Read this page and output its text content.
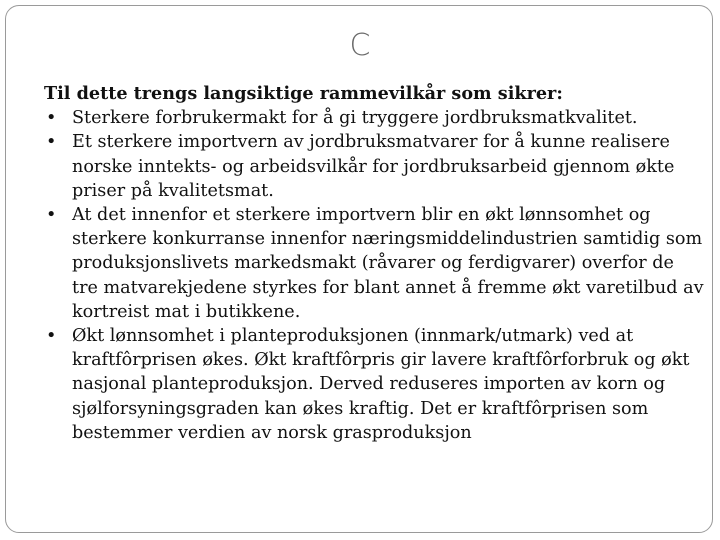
C

Til dette trengs langsiktige rammevilkår som sikrer:

• Sterkere forbrukermakt for å gi tryggere jordbruksmatkvalitet.
• Et sterkere importvern av jordbruksmatvarer for å kunne realisere norske inntekts- og arbeidsvilkår for jordbruksarbeid gjennom økte priser på kvalitetsmat.
• At det innenfor et sterkere importvern blir en økt lønnsomhet og sterkere konkurranse innenfor næringsmiddelindustrien samtidig som produksjonslivets markedsmakt (råvarer og ferdigvarer) overfor de tre matvarekjedene styrkes for blant annet å fremme økt varetilbud av kortreist mat i butikkene.
• Økt lønnsomhet i planteproduksjonen (innmark/utmark) ved at kraftfôrprisen økes. Økt kraftfôrpris gir lavere kraftfôrforbruk og økt nasjonal planteproduksjon. Derved reduseres importen av korn og sjølforsyningsgraden kan økes kraftig. Det er kraftfôrprisen som bestemmer verdien av norsk grasproduksjon
